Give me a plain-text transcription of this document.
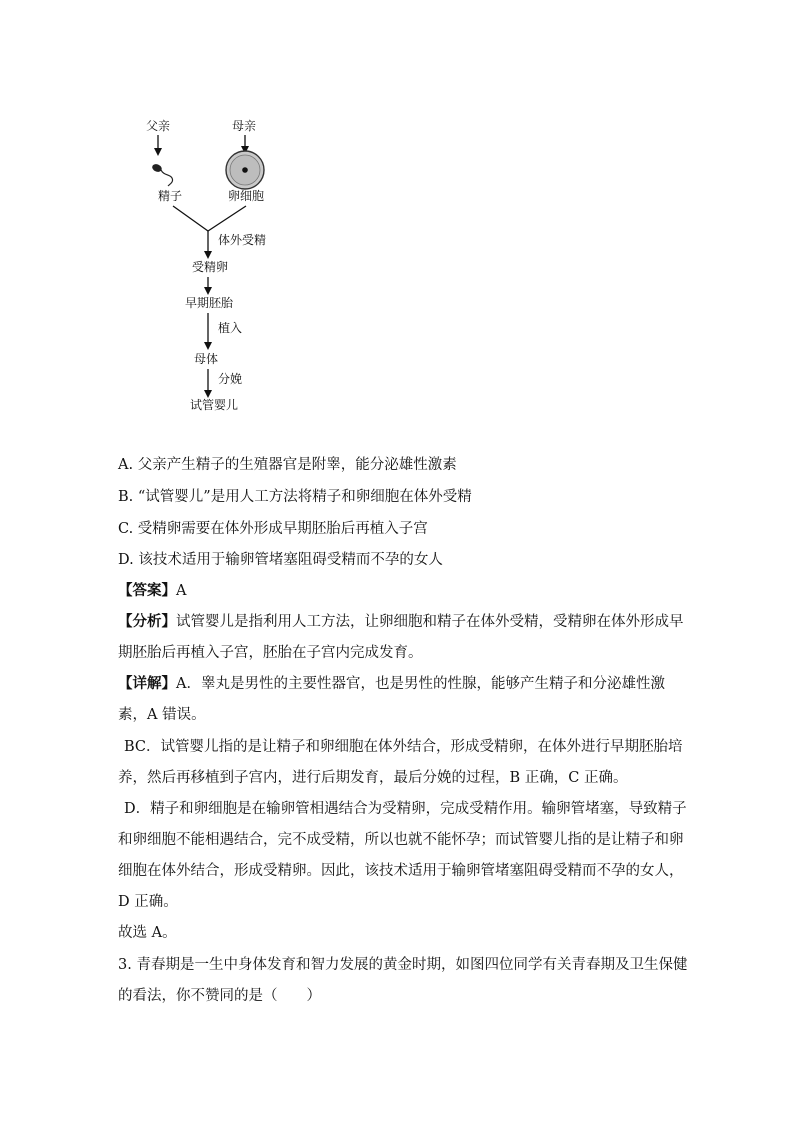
父亲	母亲
精子	卵细胞
体外受精
受精卵
早期胚胎
植入
母体
分娩
试管婴儿
A. 父亲产生精子的生殖器官是附睾，能分泌雄性激素
B. “试管婴儿”是用人工方法将精子和卵细胞在体外受精
C. 受精卵需要在体外形成早期胚胎后再植入子宫
D. 该技术适用于输卵管堵塞阻碍受精而不孕的女人
【答案】A
【分析】试管婴儿是指利用人工方法，让卵细胞和精子在体外受精，受精卵在体外形成早
期胚胎后再植入子宫，胚胎在子宫内完成发育。
【详解】A．睾丸是男性的主要性器官，也是男性的性腺，能够产生精子和分泌雄性激
素，A 错误。
BC．试管婴儿指的是让精子和卵细胞在体外结合，形成受精卵，在体外进行早期胚胎培
养，然后再移植到子宫内，进行后期发育，最后分娩的过程，B 正确，C 正确。
D．精子和卵细胞是在输卵管相遇结合为受精卵，完成受精作用。输卵管堵塞，导致精子
和卵细胞不能相遇结合，完不成受精，所以也就不能怀孕；而试管婴儿指的是让精子和卵
细胞在体外结合，形成受精卵。因此，该技术适用于输卵管堵塞阻碍受精而不孕的女人，
D 正确。
故选 A。
3. 青春期是一生中身体发育和智力发展的黄金时期，如图四位同学有关青春期及卫生保健
的看法，你不赞同的是（　　）
